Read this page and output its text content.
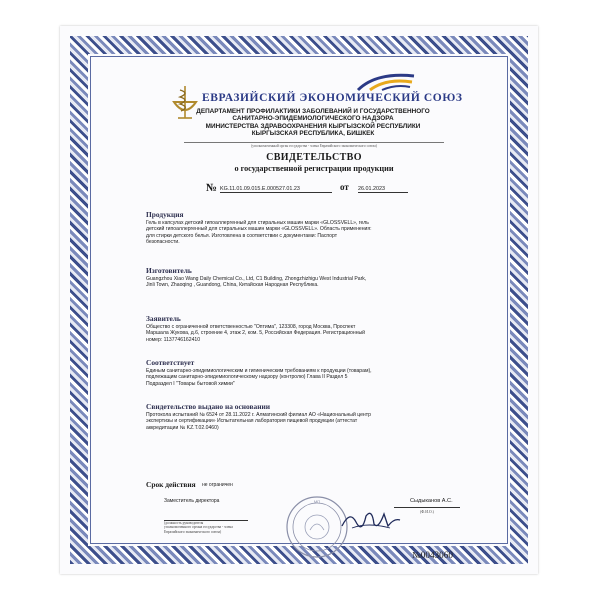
ЕВРАЗИЙСКИЙ ЭКОНОМИЧЕСКИЙ СОЮЗ
ДЕПАРТАМЕНТ ПРОФИЛАКТИКИ ЗАБОЛЕВАНИЙ И ГОСУДАРСТВЕННОГО
САНИТАРНО-ЭПИДЕМИОЛОГИЧЕСКОГО НАДЗОРА
МИНИСТЕРСТВА ЗДРАВООХРАНЕНИЯ КЫРГЫЗСКОЙ РЕСПУБЛИКИ
КЫРГЫЗСКАЯ РЕСПУБЛИКА, БИШКЕК
(уполномоченный орган государства - члена Евразийского экономического союза)
СВИДЕТЕЛЬСТВО
о государственной регистрации продукции
№ KG.11.01.09.015.Е.000527.01.23	от 26.01.2023
Продукция
Гель в капсулах детский гипоаллергенный для стиральных машин марки «GLOSSVELL», гель
детский гипоаллергенный для стиральных машин марки «GLOSSVELL». Область применения:
для стирки детского белья. Изготовлена в соответствии с документами: Паспорт
безопасности.
Изготовитель
Guangzhou Xiao Wang Daily Chemical Co., Ltd, C1 Building, Zhongzhizhigu West Industrial Park,
Jinli Town, Zhaoqing , Guandong, China, Китайская Народная Республика.
Заявитель
Общество с ограниченной ответственностью "Оптима", 123308, город Москва, Проспект
Маршала Жукова, д.6, строение 4, этаж 2, ком. 5, Российская Федерация. Регистрационный
номер: 1137746162410
Соответствует
Единым санитарно-эпидемиологическим и гигиеническим требованиям к продукции (товарам),
подлежащим санитарно-эпидемиологическому надзору (контролю) Глава II Раздел 5
Подраздел I "Товары бытовой химии"
Свидетельство выдано на основании
Протокола испытаний № 6524 от 28.11.2022 г. Алматинский филиал АО «Национальный центр
экспертизы и сертификации» Испытательная лаборатория пищевой продукции (аттестат
аккредитации № KZ.T.02.0460)
Срок действия не ограничен
Заместитель директора
(должность руководителя
уполномоченного органа государства - члена
Евразийского экономического союза)
МП	Сыдыканов А.С.
(Ф.И.О.)
№0043060
